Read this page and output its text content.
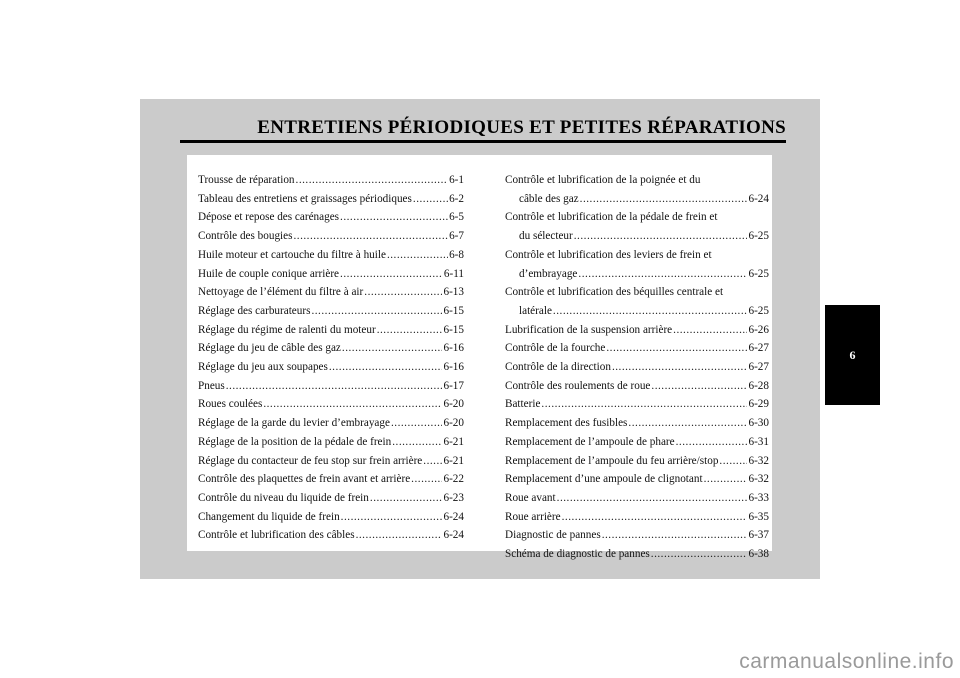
ENTRETIENS PÉRIODIQUES ET PETITES RÉPARATIONS
6
Trousse de réparation .....	6-1
Tableau des entretiens et graissages périodiques .....	6-2
Dépose et repose des carénages .....	6-5
Contrôle des bougies .....	6-7
Huile moteur et cartouche du filtre à huile .....	6-8
Huile de couple conique arrière .....	6-11
Nettoyage de l’élément du filtre à air .....	6-13
Réglage des carburateurs .....	6-15
Réglage du régime de ralenti du moteur .....	6-15
Réglage du jeu de câble des gaz .....	6-16
Réglage du jeu aux soupapes .....	6-16
Pneus .....	6-17
Roues coulées .....	6-20
Réglage de la garde du levier d’embrayage .....	6-20
Réglage de la position de la pédale de frein .....	6-21
Réglage du contacteur de feu stop sur frein arrière ..... 6-21
Contrôle des plaquettes de frein avant et arrière .....	6-22
Contrôle du niveau du liquide de frein .....	6-23
Changement du liquide de frein .....	6-24
Contrôle et lubrification des câbles .....	6-24
Contrôle et lubrification de la poignée et du
câble des gaz .....	6-24
Contrôle et lubrification de la pédale de frein et
du sélecteur .....	6-25
Contrôle et lubrification des leviers de frein et
d’embrayage .....	6-25
Contrôle et lubrification des béquilles centrale et
latérale .....	6-25
Lubrification de la suspension arrière .....	6-26
Contrôle de la fourche .....	6-27
Contrôle de la direction .....	6-27
Contrôle des roulements de roue .....	6-28
Batterie .....	6-29
Remplacement des fusibles .....	6-30
Remplacement de l’ampoule de phare .....	6-31
Remplacement de l’ampoule du feu arrière/stop .....	6-32
Remplacement d’une ampoule de clignotant .....	6-32
Roue avant .....	6-33
Roue arrière .....	6-35
Diagnostic de pannes .....	6-37
Schéma de diagnostic de pannes .....	6-38
carmanualsonline.info
